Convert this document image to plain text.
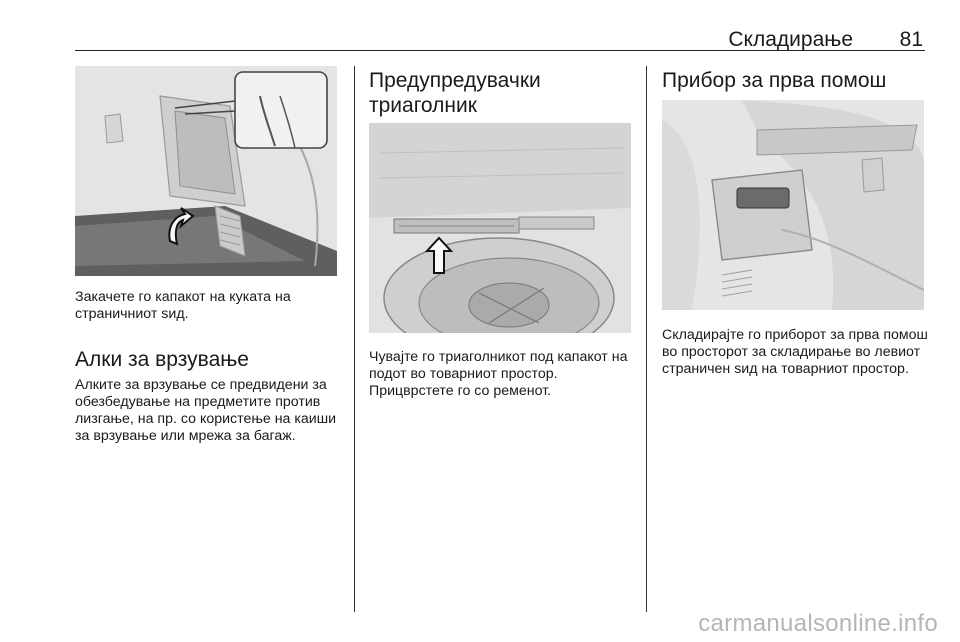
Складирање 81
Закачете го капакот на куката на страничниот sид.
Алки за врзување
Алките за врзување се предвидени за обезбедување на предметите против лизгање, на пр. со користење на каиши за врзување или мрежа за багаж.
Предупредувачки триаголник
Чувајте го триаголникот под капакот на подот во товарниот простор. Прицврстете го со ременот.
Прибор за прва помош
Складирајте го приборот за прва помош во просторот за складирање во левиот страничен sид на товарниот простор.
carmanualsonline.info
